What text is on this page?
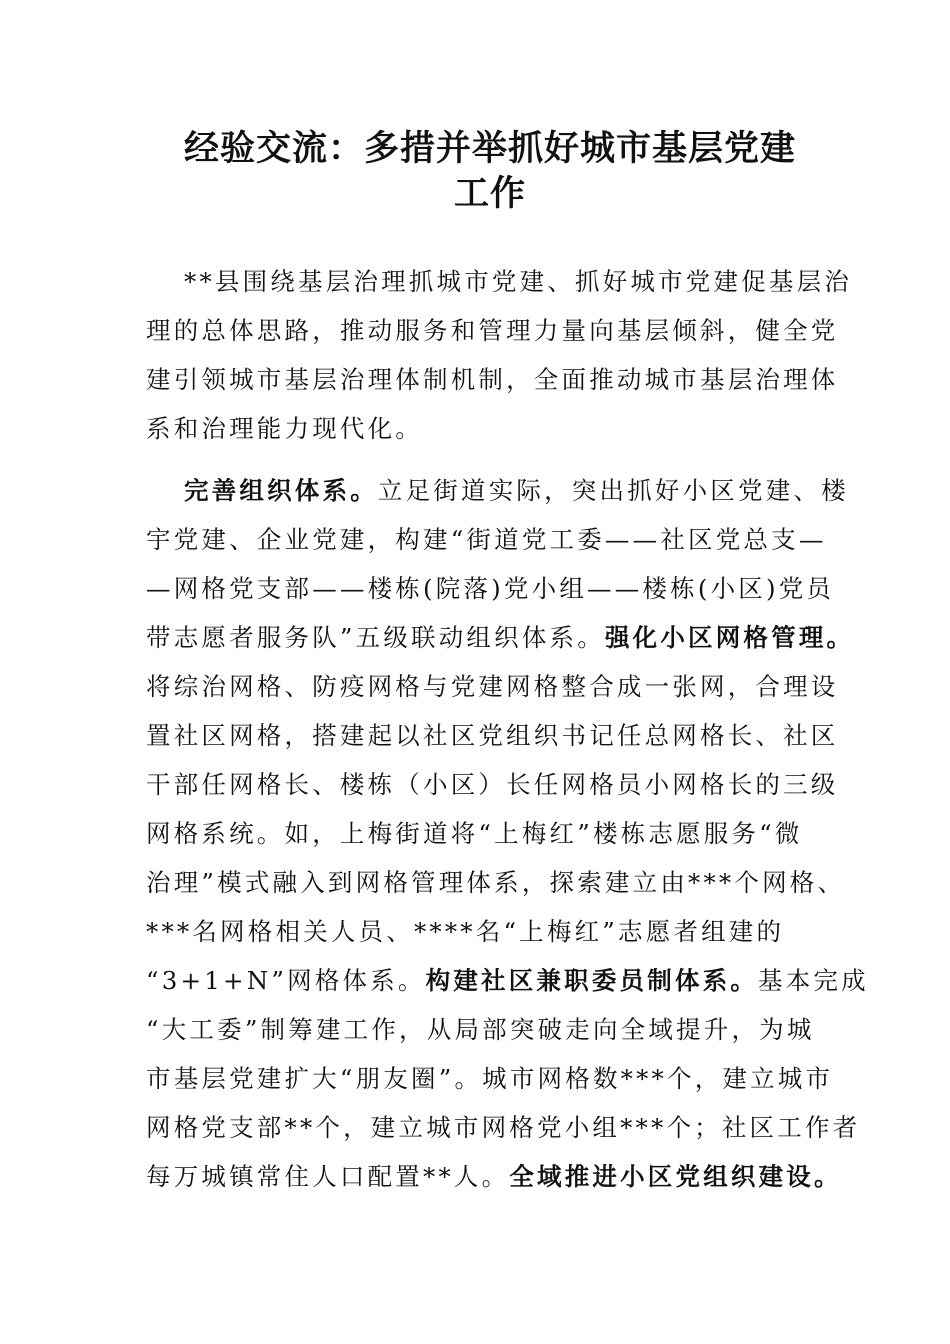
经验交流：多措并举抓好城市基层党建
工作
**县围绕基层治理抓城市党建、抓好城市党建促基层治
理的总体思路，推动服务和管理力量向基层倾斜，健全党
建引领城市基层治理体制机制，全面推动城市基层治理体
系和治理能力现代化。
完善组织体系。立足街道实际，突出抓好小区党建、楼
宇党建、企业党建，构建“街道党工委——社区党总支—
—网格党支部——楼栋(院落)党小组——楼栋(小区)党员
带志愿者服务队”五级联动组织体系。强化小区网格管理。
将综治网格、防疫网格与党建网格整合成一张网，合理设
置社区网格，搭建起以社区党组织书记任总网格长、社区
干部任网格长、楼栋（小区）长任网格员小网格长的三级
网格系统。如，上梅街道将“上梅红”楼栋志愿服务“微
治理”模式融入到网格管理体系，探索建立由***个网格、
***名网格相关人员、****名“上梅红”志愿者组建的
“3+1+N”网格体系。构建社区兼职委员制体系。基本完成
“大工委”制筹建工作，从局部突破走向全域提升，为城
市基层党建扩大“朋友圈”。城市网格数***个，建立城市
网格党支部**个，建立城市网格党小组***个；社区工作者
每万城镇常住人口配置**人。全域推进小区党组织建设。
